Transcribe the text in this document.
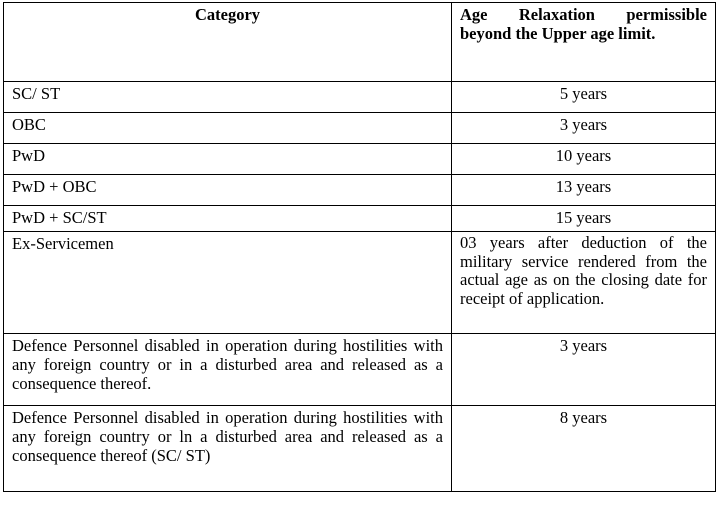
Category	Age Relaxation permissible beyond the Upper age limit.
SC/ ST	5 years
OBC	3 years
PwD	10 years
PwD + OBC	13 years
PwD + SC/ST	15 years
Ex-Servicemen	03 years after deduction of the military service rendered from the actual age as on the closing date for receipt of application.
Defence Personnel disabled in operation during hostilities with any foreign country or in a disturbed area and released as a consequence thereof.	3 years
Defence Personnel disabled in operation during hostilities with any foreign country or ln a disturbed area and released as a consequence thereof (SC/ ST)	8 years
